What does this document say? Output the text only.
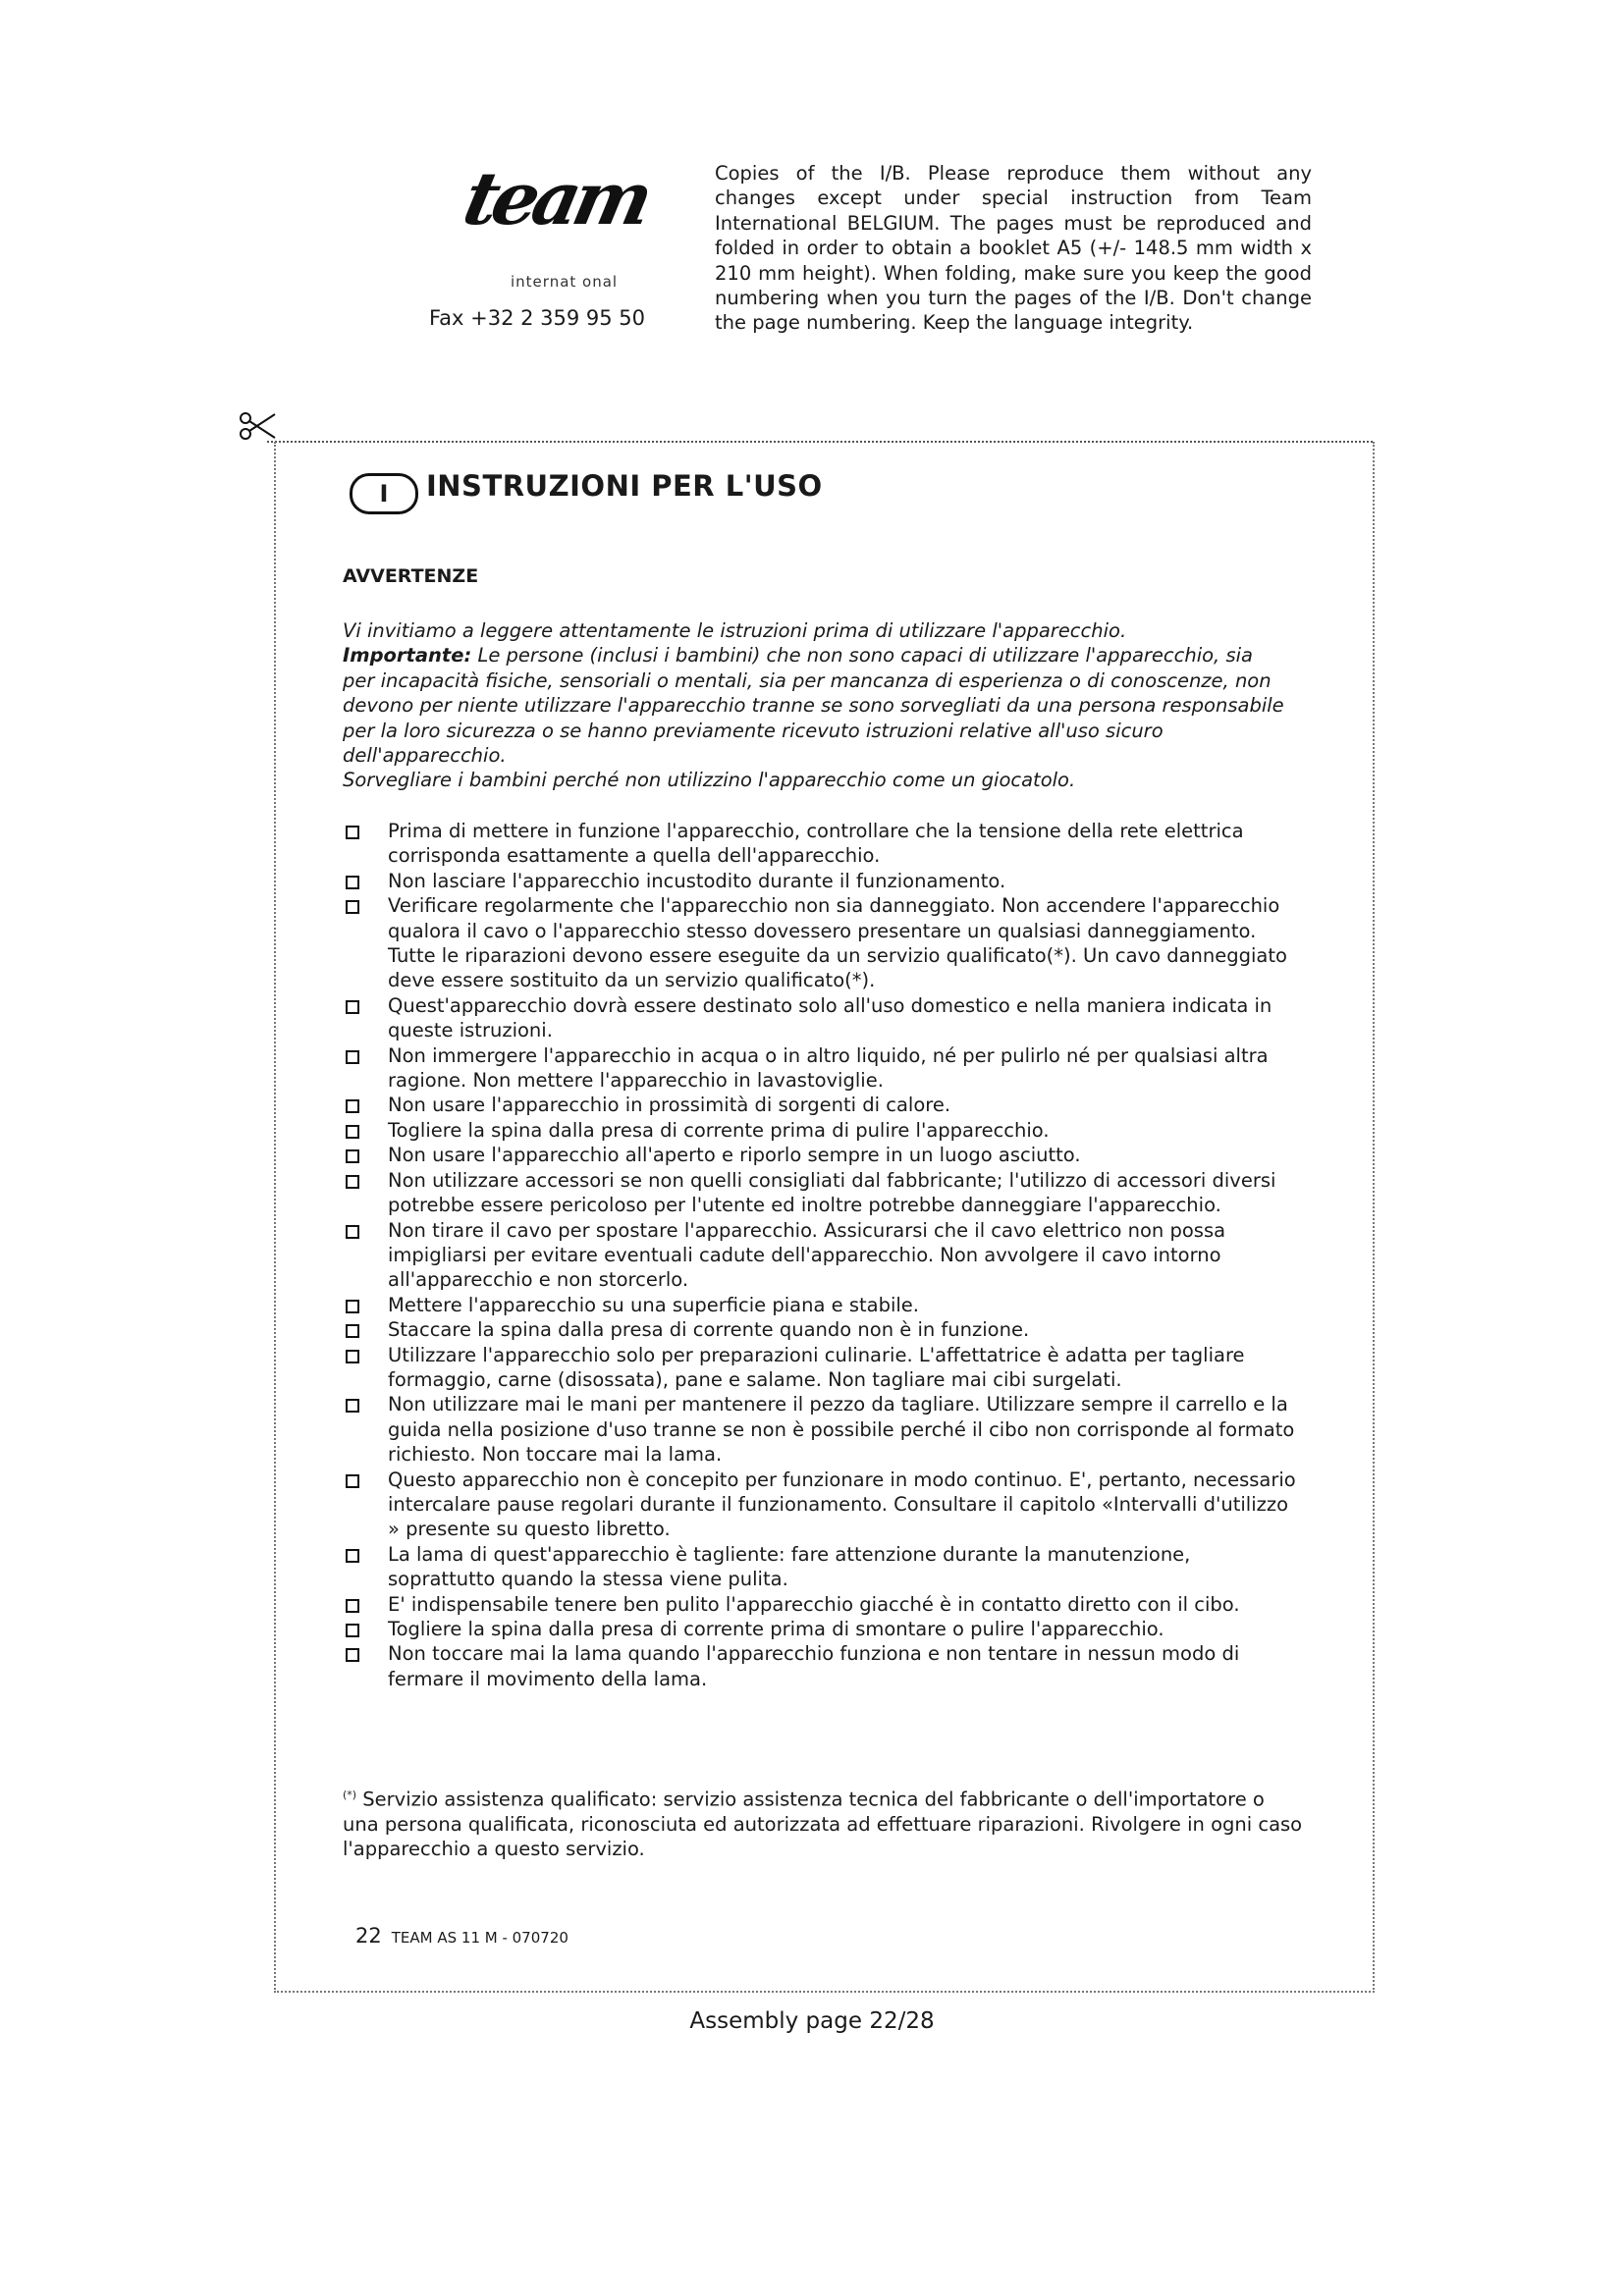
team
internat onal
Fax +32 2 359 95 50
Copies of the I/B. Please reproduce them without any changes except under special instruction from Team International BELGIUM. The pages must be reproduced and folded in order to obtain a booklet A5 (+/- 148.5 mm width x 210 mm height). When folding, make sure you keep the good numbering when you turn the pages of the I/B. Don't change the page numbering. Keep the language integrity.
I	INSTRUZIONI PER L'USO
AVVERTENZE

Vi invitiamo a leggere attentamente le istruzioni prima di utilizzare l'apparecchio.

Importante: Le persone (inclusi i bambini) che non sono capaci di utilizzare l'apparecchio, sia per incapacità fisiche, sensoriali o mentali, sia per mancanza di esperienza o di conoscenze, non devono per niente utilizzare l'apparecchio tranne se sono sorvegliati da una persona responsabile per la loro sicurezza o se hanno previamente ricevuto istruzioni relative all'uso sicuro dell'apparecchio.

Sorvegliare i bambini perché non utilizzino l'apparecchio come un giocatolo.

Prima di mettere in funzione l'apparecchio, controllare che la tensione della rete elettrica corrisponda esattamente a quella dell'apparecchio.
Non lasciare l'apparecchio incustodito durante il funzionamento.
Verificare regolarmente che l'apparecchio non sia danneggiato. Non accendere l'apparecchio qualora il cavo o l'apparecchio stesso dovessero presentare un qualsiasi danneggiamento. Tutte le riparazioni devono essere eseguite da un servizio qualificato(*). Un cavo danneggiato deve essere sostituito da un servizio qualificato(*).
Quest'apparecchio dovrà essere destinato solo all'uso domestico e nella maniera indicata in queste istruzioni.
Non immergere l'apparecchio in acqua o in altro liquido, né per pulirlo né per qualsiasi altra ragione. Non mettere l'apparecchio in lavastoviglie.
Non usare l'apparecchio in prossimità di sorgenti di calore.
Togliere la spina dalla presa di corrente prima di pulire l'apparecchio.
Non usare l'apparecchio all'aperto e riporlo sempre in un luogo asciutto.
Non utilizzare accessori se non quelli consigliati dal fabbricante; l'utilizzo di accessori diversi potrebbe essere pericoloso per l'utente ed inoltre potrebbe danneggiare l'apparecchio.
Non tirare il cavo per spostare l'apparecchio. Assicurarsi che il cavo elettrico non possa impigliarsi per evitare eventuali cadute dell'apparecchio. Non avvolgere il cavo intorno all'apparecchio e non storcerlo.
Mettere l'apparecchio su una superficie piana e stabile.
Staccare la spina dalla presa di corrente quando non è in funzione.
Utilizzare l'apparecchio solo per preparazioni culinarie. L'affettatrice è adatta per tagliare formaggio, carne (disossata), pane e salame. Non tagliare mai cibi surgelati.
Non utilizzare mai le mani per mantenere il pezzo da tagliare. Utilizzare sempre il carrello e la guida nella posizione d'uso tranne se non è possibile perché il cibo non corrisponde al formato richiesto. Non toccare mai la lama.
Questo apparecchio non è concepito per funzionare in modo continuo. E', pertanto, necessario intercalare pause regolari durante il funzionamento. Consultare il capitolo «Intervalli d'utilizzo » presente su questo libretto.
La lama di quest'apparecchio è tagliente: fare attenzione durante la manutenzione, soprattutto quando la stessa viene pulita.
E' indispensabile tenere ben pulito l'apparecchio giacché è in contatto diretto con il cibo.
Togliere la spina dalla presa di corrente prima di smontare o pulire l'apparecchio.
Non toccare mai la lama quando l'apparecchio funziona e non tentare in nessun modo di fermare il movimento della lama.
(*) Servizio assistenza qualificato: servizio assistenza tecnica del fabbricante o dell'importatore o una persona qualificata, riconosciuta ed autorizzata ad effettuare riparazioni. Rivolgere in ogni caso l'apparecchio a questo servizio.
22 TEAM AS 11 M - 070720
Assembly page 22/28
